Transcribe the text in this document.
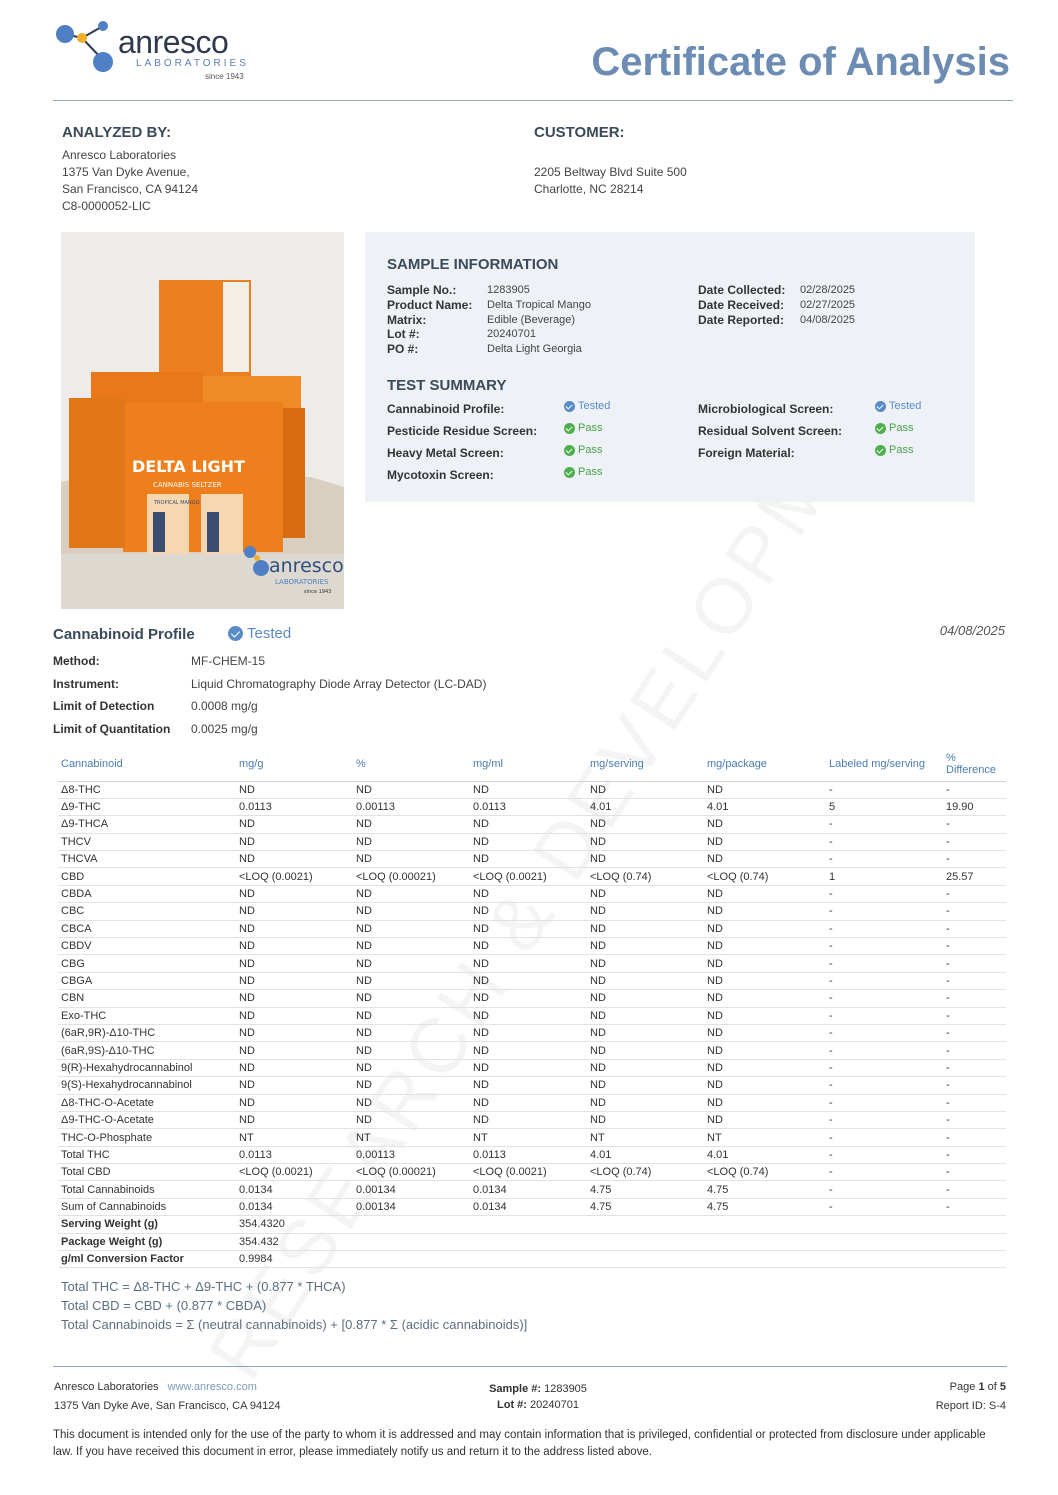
anresco
LABORATORIES
since 1943	Certificate of Analysis
ANALYZED BY:
Anresco Laboratories
1375 Van Dyke Avenue,
San Francisco, CA 94124
C8-0000052-LIC
CUSTOMER:
2205 Beltway Blvd Suite 500
Charlotte, NC 28214
DELTA LIGHT
CANNABIS SELTZER
TROPICAL MANGO
anresco
LABORATORIES
since 1943
SAMPLE INFORMATION
Sample No.:	1283905
Product Name:	Delta Tropical Mango
Matrix:	Edible (Beverage)
Lot #:	20240701
PO #:	Delta Light Georgia
Date Collected:	02/28/2025
Date Received:	02/27/2025
Date Reported:	04/08/2025
TEST SUMMARY
Cannabinoid Profile:	Tested
Pesticide Residue Screen:	Pass
Heavy Metal Screen:	Pass
Mycotoxin Screen:	Pass
Microbiological Screen:	Tested
Residual Solvent Screen:	Pass
Foreign Material:	Pass
Cannabinoid Profile	Tested	04/08/2025
Method:	MF-CHEM-15
Instrument:	Liquid Chromatography Diode Array Detector (LC-DAD)
Limit of Detection	0.0008 mg/g
Limit of Quantitation	0.0025 mg/g
Cannabinoid	mg/g	%	mg/ml	mg/serving	mg/package	Labeled mg/serving	% Difference
Δ8-THC	ND	ND	ND	ND	ND	-	-
Δ9-THC	0.0113	0.00113	0.0113	4.01	4.01	5	19.90
Δ9-THCA	ND	ND	ND	ND	ND	-	-
THCV	ND	ND	ND	ND	ND	-	-
THCVA	ND	ND	ND	ND	ND	-	-
CBD	<LOQ (0.0021)	<LOQ (0.00021)	<LOQ (0.0021)	<LOQ (0.74)	<LOQ (0.74)	1	25.57
CBDA	ND	ND	ND	ND	ND	-	-
CBC	ND	ND	ND	ND	ND	-	-
CBCA	ND	ND	ND	ND	ND	-	-
CBDV	ND	ND	ND	ND	ND	-	-
CBG	ND	ND	ND	ND	ND	-	-
CBGA	ND	ND	ND	ND	ND	-	-
CBN	ND	ND	ND	ND	ND	-	-
Exo-THC	ND	ND	ND	ND	ND	-	-
(6aR,9R)-Δ10-THC	ND	ND	ND	ND	ND	-	-
(6aR,9S)-Δ10-THC	ND	ND	ND	ND	ND	-	-
9(R)-Hexahydrocannabinol	ND	ND	ND	ND	ND	-	-
9(S)-Hexahydrocannabinol	ND	ND	ND	ND	ND	-	-
Δ8-THC-O-Acetate	ND	ND	ND	ND	ND	-	-
Δ9-THC-O-Acetate	ND	ND	ND	ND	ND	-	-
THC-O-Phosphate	NT	NT	NT	NT	NT	-	-
Total THC	0.0113	0.00113	0.0113	4.01	4.01	-	-
Total CBD	<LOQ (0.0021)	<LOQ (0.00021)	<LOQ (0.0021)	<LOQ (0.74)	<LOQ (0.74)	-	-
Total Cannabinoids	0.0134	0.00134	0.0134	4.75	4.75	-	-
Sum of Cannabinoids	0.0134	0.00134	0.0134	4.75	4.75	-	-
Serving Weight (g)	354.4320						
Package Weight (g)	354.432						
g/ml Conversion Factor	0.9984						
Total THC = Δ8-THC + Δ9-THC + (0.877 * THCA)
Total CBD = CBD + (0.877 * CBDA)
Total Cannabinoids = Σ (neutral cannabinoids) + [0.877 * Σ (acidic cannabinoids)]
Anresco Laboratories www.anresco.com
1375 Van Dyke Ave, San Francisco, CA 94124
Sample #: 1283905
Lot #: 20240701
Page 1 of 5
Report ID: S-4
This document is intended only for the use of the party to whom it is addressed and may contain information that is privileged, confidential or protected from disclosure under applicable law. If you have received this document in error, please immediately notify us and return it to the address listed above.
